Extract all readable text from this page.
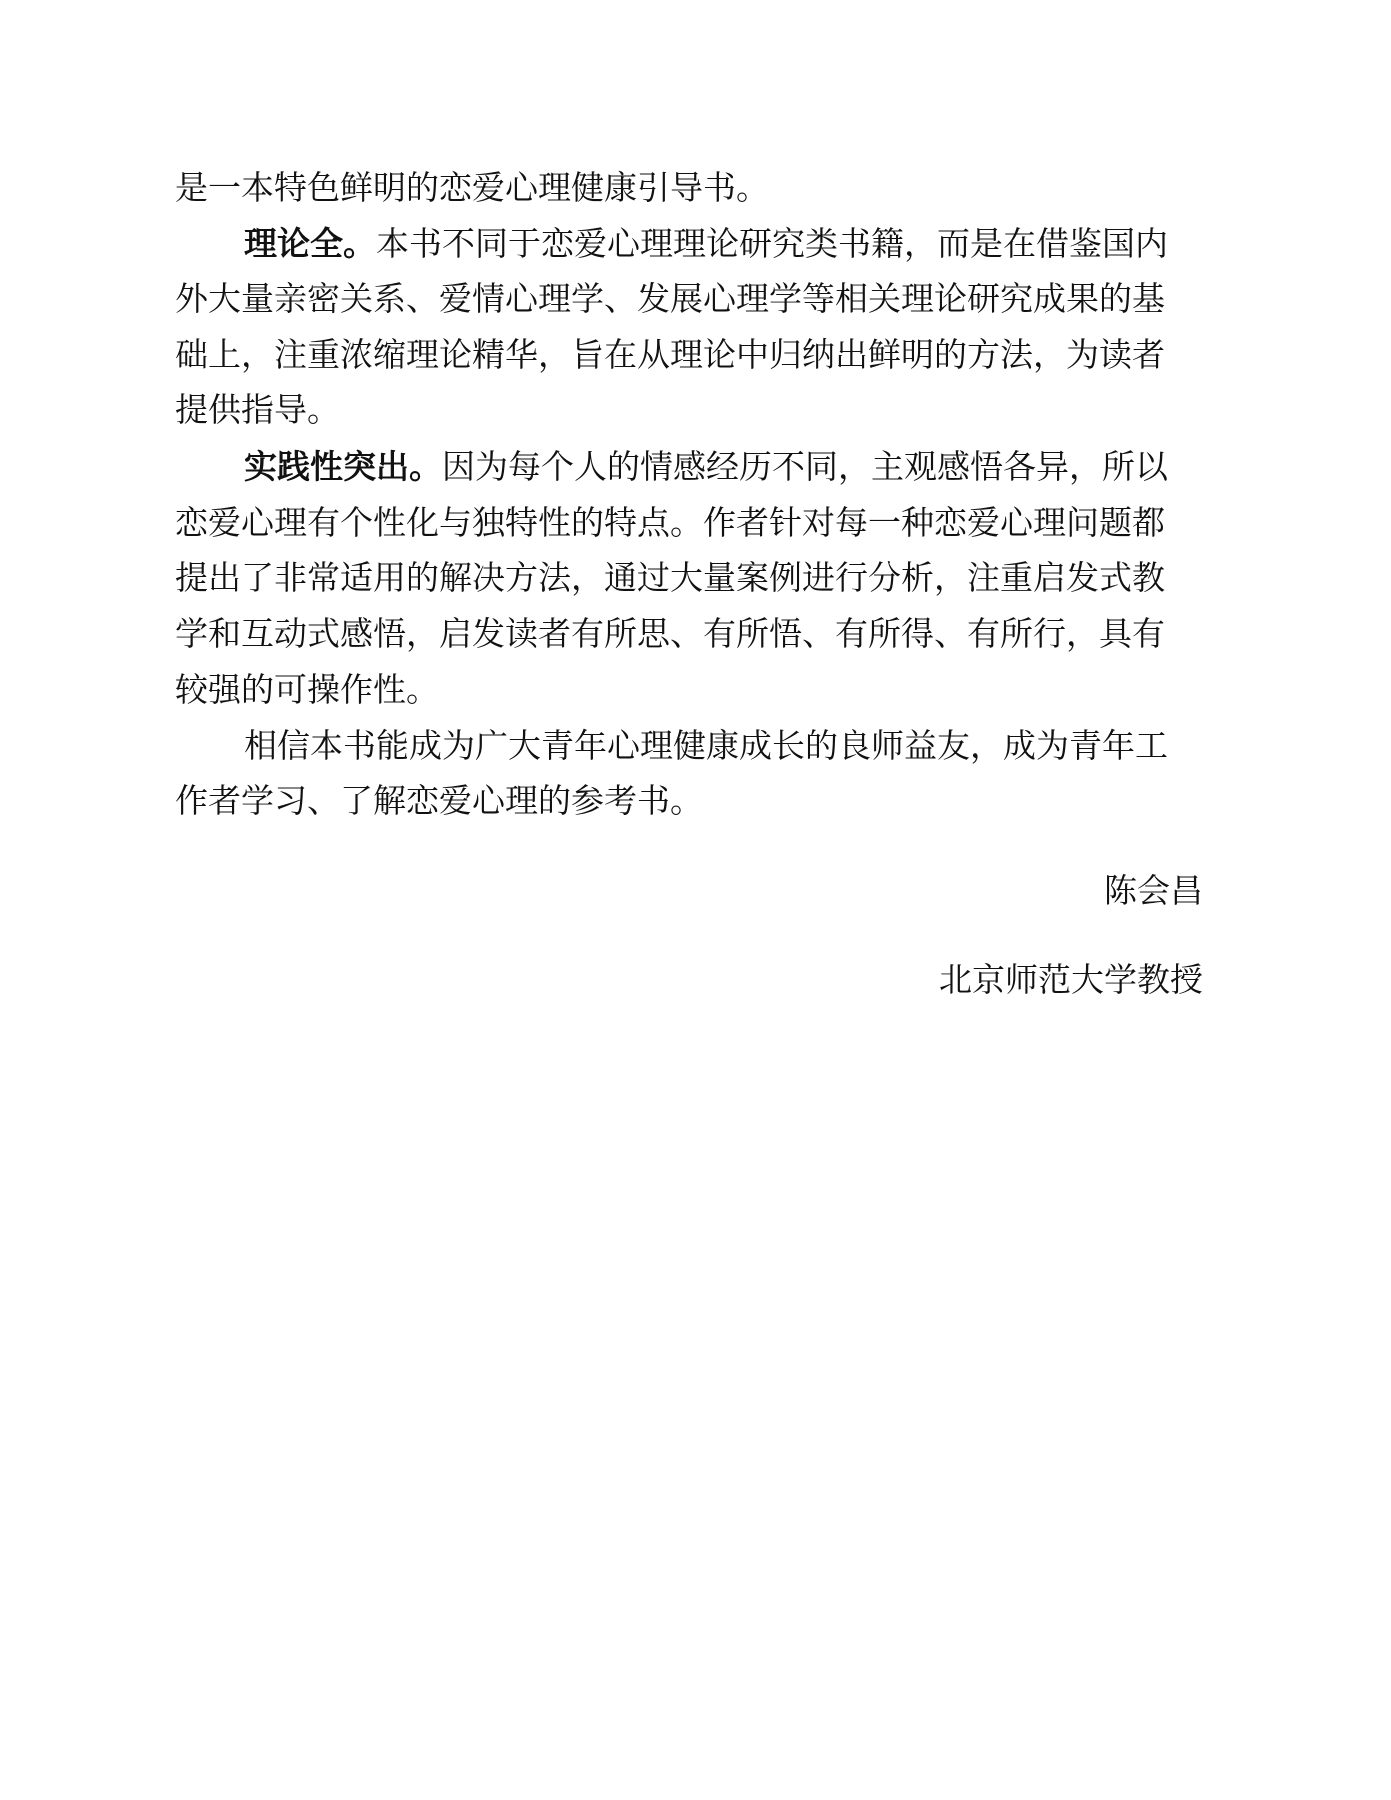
是一本特色鲜明的恋爱心理健康引导书。
理论全。本书不同于恋爱心理理论研究类书籍，而是在借鉴国内
外大量亲密关系、爱情心理学、发展心理学等相关理论研究成果的基
础上，注重浓缩理论精华，旨在从理论中归纳出鲜明的方法，为读者
提供指导。
实践性突出。因为每个人的情感经历不同，主观感悟各异，所以
恋爱心理有个性化与独特性的特点。作者针对每一种恋爱心理问题都
提出了非常适用的解决方法，通过大量案例进行分析，注重启发式教
学和互动式感悟，启发读者有所思、有所悟、有所得、有所行，具有
较强的可操作性。
相信本书能成为广大青年心理健康成长的良师益友，成为青年工
作者学习、了解恋爱心理的参考书。
陈会昌
北京师范大学教授
